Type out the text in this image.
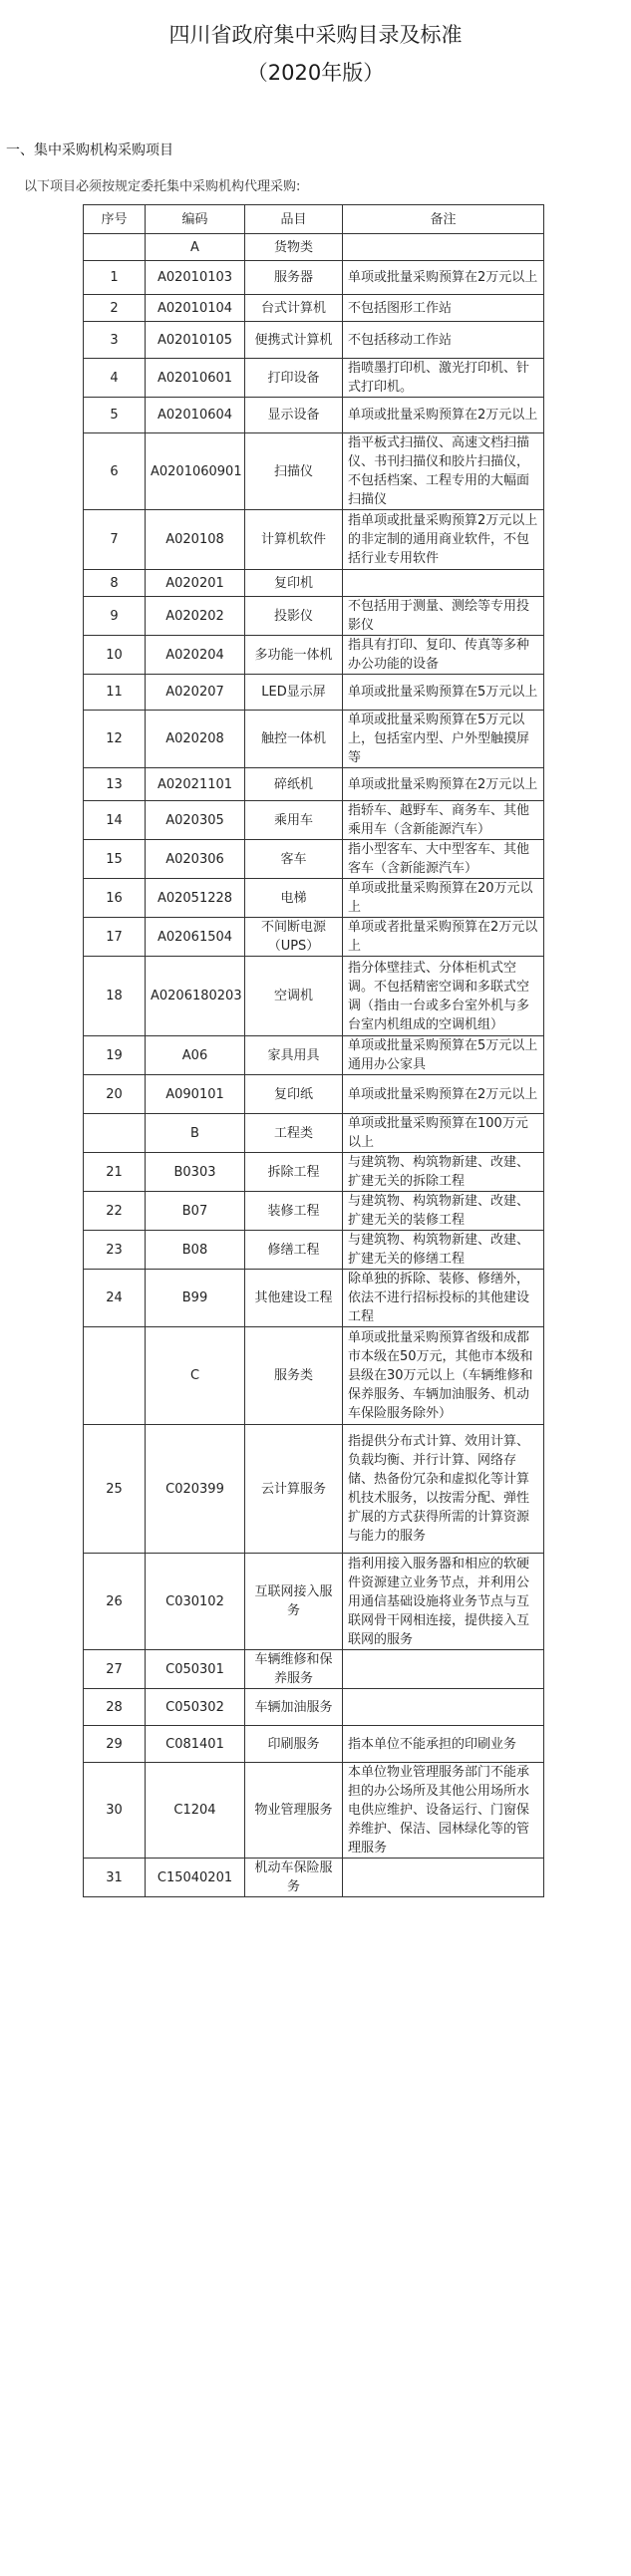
四川省政府集中采购目录及标准
（2020年版）
一、集中采购机构采购项目
以下项目必须按规定委托集中采购机构代理采购:
序号	编码	品目	备注
	A	货物类	
1	A02010103	服务器	单项或批量采购预算在2万元以上
2	A02010104	台式计算机	不包括图形工作站
3	A02010105	便携式计算机	不包括移动工作站
4	A02010601	打印设备	指喷墨打印机、激光打印机、针式打印机。
5	A02010604	显示设备	单项或批量采购预算在2万元以上
6	A0201060901	扫描仪	指平板式扫描仪、高速文档扫描仪、书刊扫描仪和胶片扫描仪，不包括档案、工程专用的大幅面扫描仪
7	A020108	计算机软件	指单项或批量采购预算2万元以上的非定制的通用商业软件，不包括行业专用软件
8	A020201	复印机	
9	A020202	投影仪	不包括用于测量、测绘等专用投影仪
10	A020204	多功能一体机	指具有打印、复印、传真等多种办公功能的设备
11	A020207	LED显示屏	单项或批量采购预算在5万元以上
12	A020208	触控一体机	单项或批量采购预算在5万元以上，包括室内型、户外型触摸屏等
13	A02021101	碎纸机	单项或批量采购预算在2万元以上
14	A020305	乘用车	指轿车、越野车、商务车、其他乘用车（含新能源汽车）
15	A020306	客车	指小型客车、大中型客车、其他客车（含新能源汽车）
16	A02051228	电梯	单项或批量采购预算在20万元以上
17	A02061504	不间断电源（UPS）	单项或者批量采购预算在2万元以上
18	A0206180203	空调机	指分体壁挂式、分体柜机式空调。不包括精密空调和多联式空调（指由一台或多台室外机与多台室内机组成的空调机组）
19	A06	家具用具	单项或批量采购预算在5万元以上通用办公家具
20	A090101	复印纸	单项或批量采购预算在2万元以上
	B	工程类	单项或批量采购预算在100万元以上
21	B0303	拆除工程	与建筑物、构筑物新建、改建、扩建无关的拆除工程
22	B07	装修工程	与建筑物、构筑物新建、改建、扩建无关的装修工程
23	B08	修缮工程	与建筑物、构筑物新建、改建、扩建无关的修缮工程
24	B99	其他建设工程	除单独的拆除、装修、修缮外，依法不进行招标投标的其他建设工程
	C	服务类	单项或批量采购预算省级和成都市本级在50万元，其他市本级和县级在30万元以上（车辆维修和保养服务、车辆加油服务、机动车保险服务除外）
25	C020399	云计算服务	指提供分布式计算、效用计算、负载均衡、并行计算、网络存储、热备份冗杂和虚拟化等计算机技术服务，以按需分配、弹性扩展的方式获得所需的计算资源与能力的服务
26	C030102	互联网接入服务	指利用接入服务器和相应的软硬件资源建立业务节点，并利用公用通信基础设施将业务节点与互联网骨干网相连接，提供接入互联网的服务
27	C050301	车辆维修和保养服务	
28	C050302	车辆加油服务	
29	C081401	印刷服务	指本单位不能承担的印刷业务
30	C1204	物业管理服务	本单位物业管理服务部门不能承担的办公场所及其他公用场所水电供应维护、设备运行、门窗保养维护、保洁、园林绿化等的管理服务
31	C15040201	机动车保险服务	
